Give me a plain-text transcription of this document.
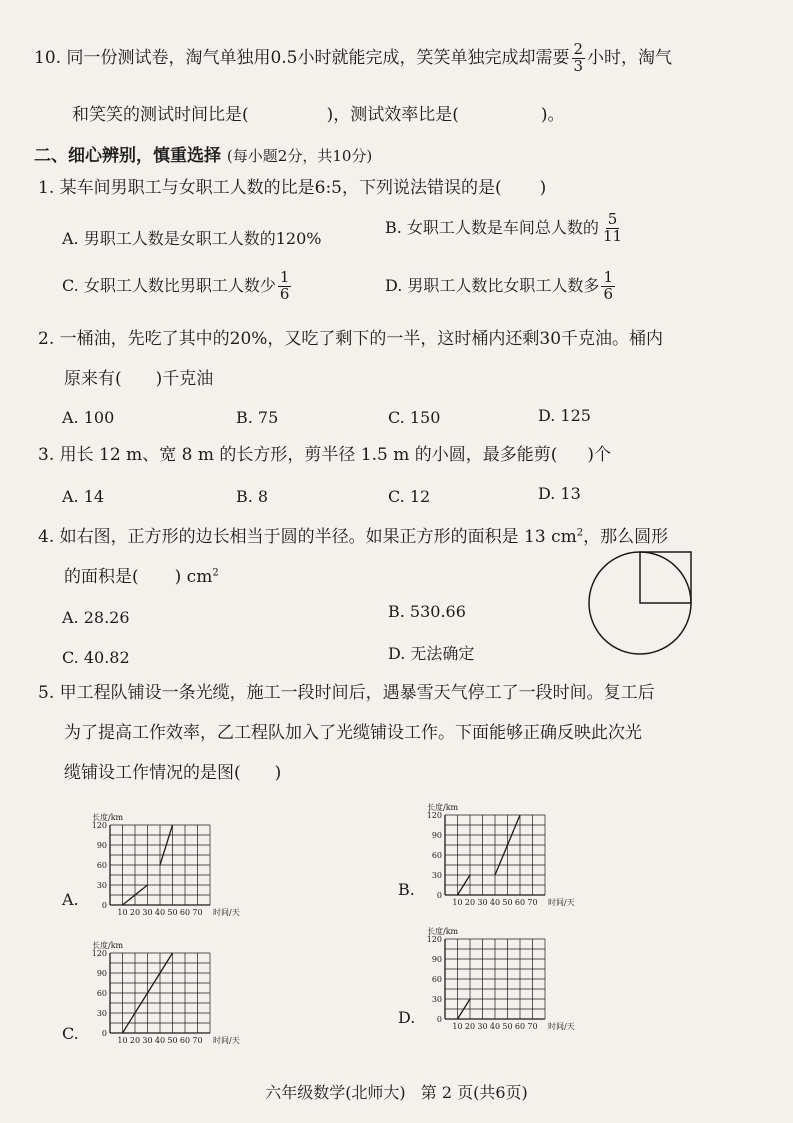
10. 同一份测试卷，淘气单独用0.5小时就能完成，笑笑单独完成却需要 $\frac{2}{3}$ 小时，淘气
和笑笑的测试时间比是(	)，测试效率比是(	)。
二、细心辨别，慎重选择 (每小题2分，共10分)
1. 某车间男职工与女职工人数的比是6:5，下列说法错误的是( )
A. 男职工人数是女职工人数的120%
B. 女职工人数是车间总人数的 $\frac{5}{11}$
C. 女职工人数比男职工人数少 $\frac{1}{6}$	D. 男职工人数比女职工人数多 $\frac{1}{6}$
2. 一桶油，先吃了其中的20%，又吃了剩下的一半，这时桶内还剩30千克油。桶内
原来有( )千克油
A. 100	B. 75	C. 150	D. 125
3. 用长 12 m、宽 8 m 的长方形，剪半径 1.5 m 的小圆，最多能剪( )个
A. 14	B. 8	C. 12	D. 13
4. 如右图，正方形的边长相当于圆的半径。如果正方形的面积是 13 $cm^2$，那么圆形
的面积是( ) $cm^2$
A. 28.26	B. 530.66
C. 40.82	D. 无法确定
5. 甲工程队铺设一条光缆，施工一段时间后，遇暴雪天气停工了一段时间。复工后
为了提高工作效率，乙工程队加入了光缆铺设工作。下面能够正确反映此次光
缆铺设工作情况的是图( )
A.
B.
C.
D.
长度/km
时间/天
120
90
60
30
0
10 20 30 40 50 60 70
长度/km
时间/天
120
90
60
30
0
10 20 30 40 50 60 70
长度/km
时间/天
120
90
60
30
0
10 20 30 40 50 60 70
长度/km
时间/天
120
90
60
30
0
10 20 30 40 50 60 70
六年级数学(北师大) 第 2 页(共6页)
